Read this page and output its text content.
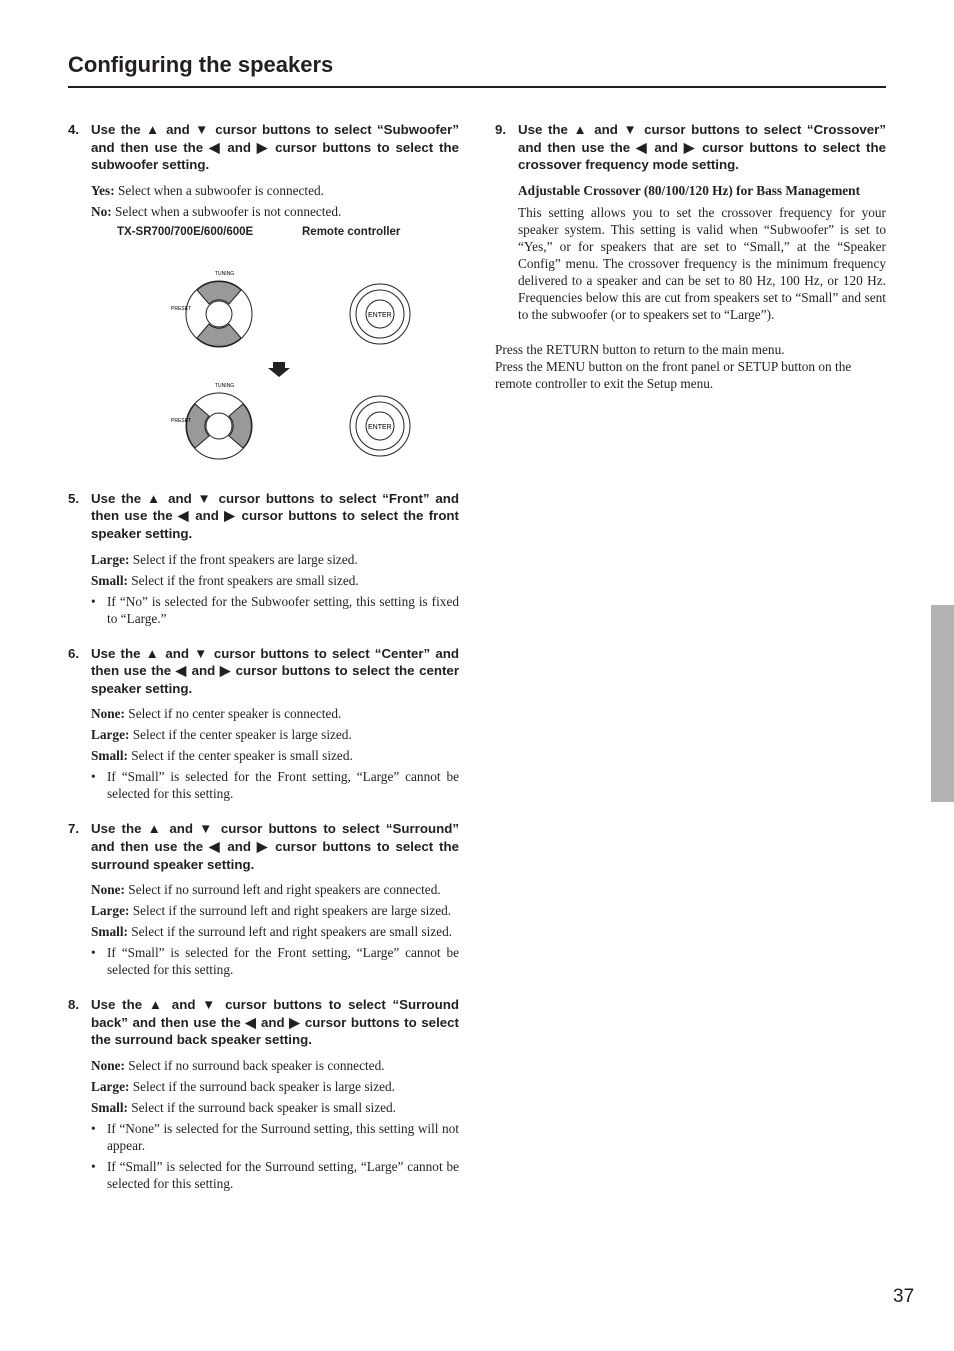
Configuring the speakers
4. Use the ▲ and ▼ cursor buttons to select “Subwoofer” and then use the ◀ and ▶ cursor buttons to select the subwoofer setting.

Yes: Select when a subwoofer is connected.

No: Select when a subwoofer is not connected.

TX-SR700/700E/600/600E	Remote controller
TUNING
PRESET
ENTER
TUNING
PRESET
ENTER
5. Use the ▲ and ▼ cursor buttons to select “Front” and then use the ◀ and ▶ cursor buttons to select the front speaker setting.

Large: Select if the front speakers are large sized.

Small: Select if the front speakers are small sized.

• If “No” is selected for the Subwoofer setting, this setting is fixed to “Large.”
6. Use the ▲ and ▼ cursor buttons to select “Center” and then use the ◀ and ▶ cursor buttons to select the center speaker setting.

None: Select if no center speaker is connected.

Large: Select if the center speaker is large sized.

Small: Select if the center speaker is small sized.

• If “Small” is selected for the Front setting, “Large” cannot be selected for this setting.
7. Use the ▲ and ▼ cursor buttons to select “Surround” and then use the ◀ and ▶ cursor buttons to select the surround speaker setting.

None: Select if no surround left and right speakers are connected.

Large: Select if the surround left and right speakers are large sized.

Small: Select if the surround left and right speakers are small sized.

• If “Small” is selected for the Front setting, “Large” cannot be selected for this setting.
8. Use the ▲ and ▼ cursor buttons to select “Surround back” and then use the ◀ and ▶ cursor buttons to select the surround back speaker setting.

None: Select if no surround back speaker is connected.

Large: Select if the surround back speaker is large sized.

Small: Select if the surround back speaker is small sized.

• If “None” is selected for the Surround setting, this setting will not appear.
• If “Small” is selected for the Surround setting, “Large” cannot be selected for this setting.
9. Use the ▲ and ▼ cursor buttons to select “Crossover” and then use the ◀ and ▶ cursor buttons to select the crossover frequency mode setting.
Adjustable Crossover (80/100/120 Hz) for Bass Management

This setting allows you to set the crossover frequency for your speaker system. This setting is valid when “Subwoofer” is set to “Yes,” or for speakers that are set to “Small,” at the “Speaker Config” menu. The crossover frequency is the minimum frequency delivered to a speaker and can be set to 80 Hz, 100 Hz, or 120 Hz. Frequencies below this are cut from speakers set to “Small” and sent to the subwoofer (or to speakers set to “Large”).

Press the RETURN button to return to the main menu.

Press the MENU button on the front panel or SETUP button on the remote controller to exit the Setup menu.

37
